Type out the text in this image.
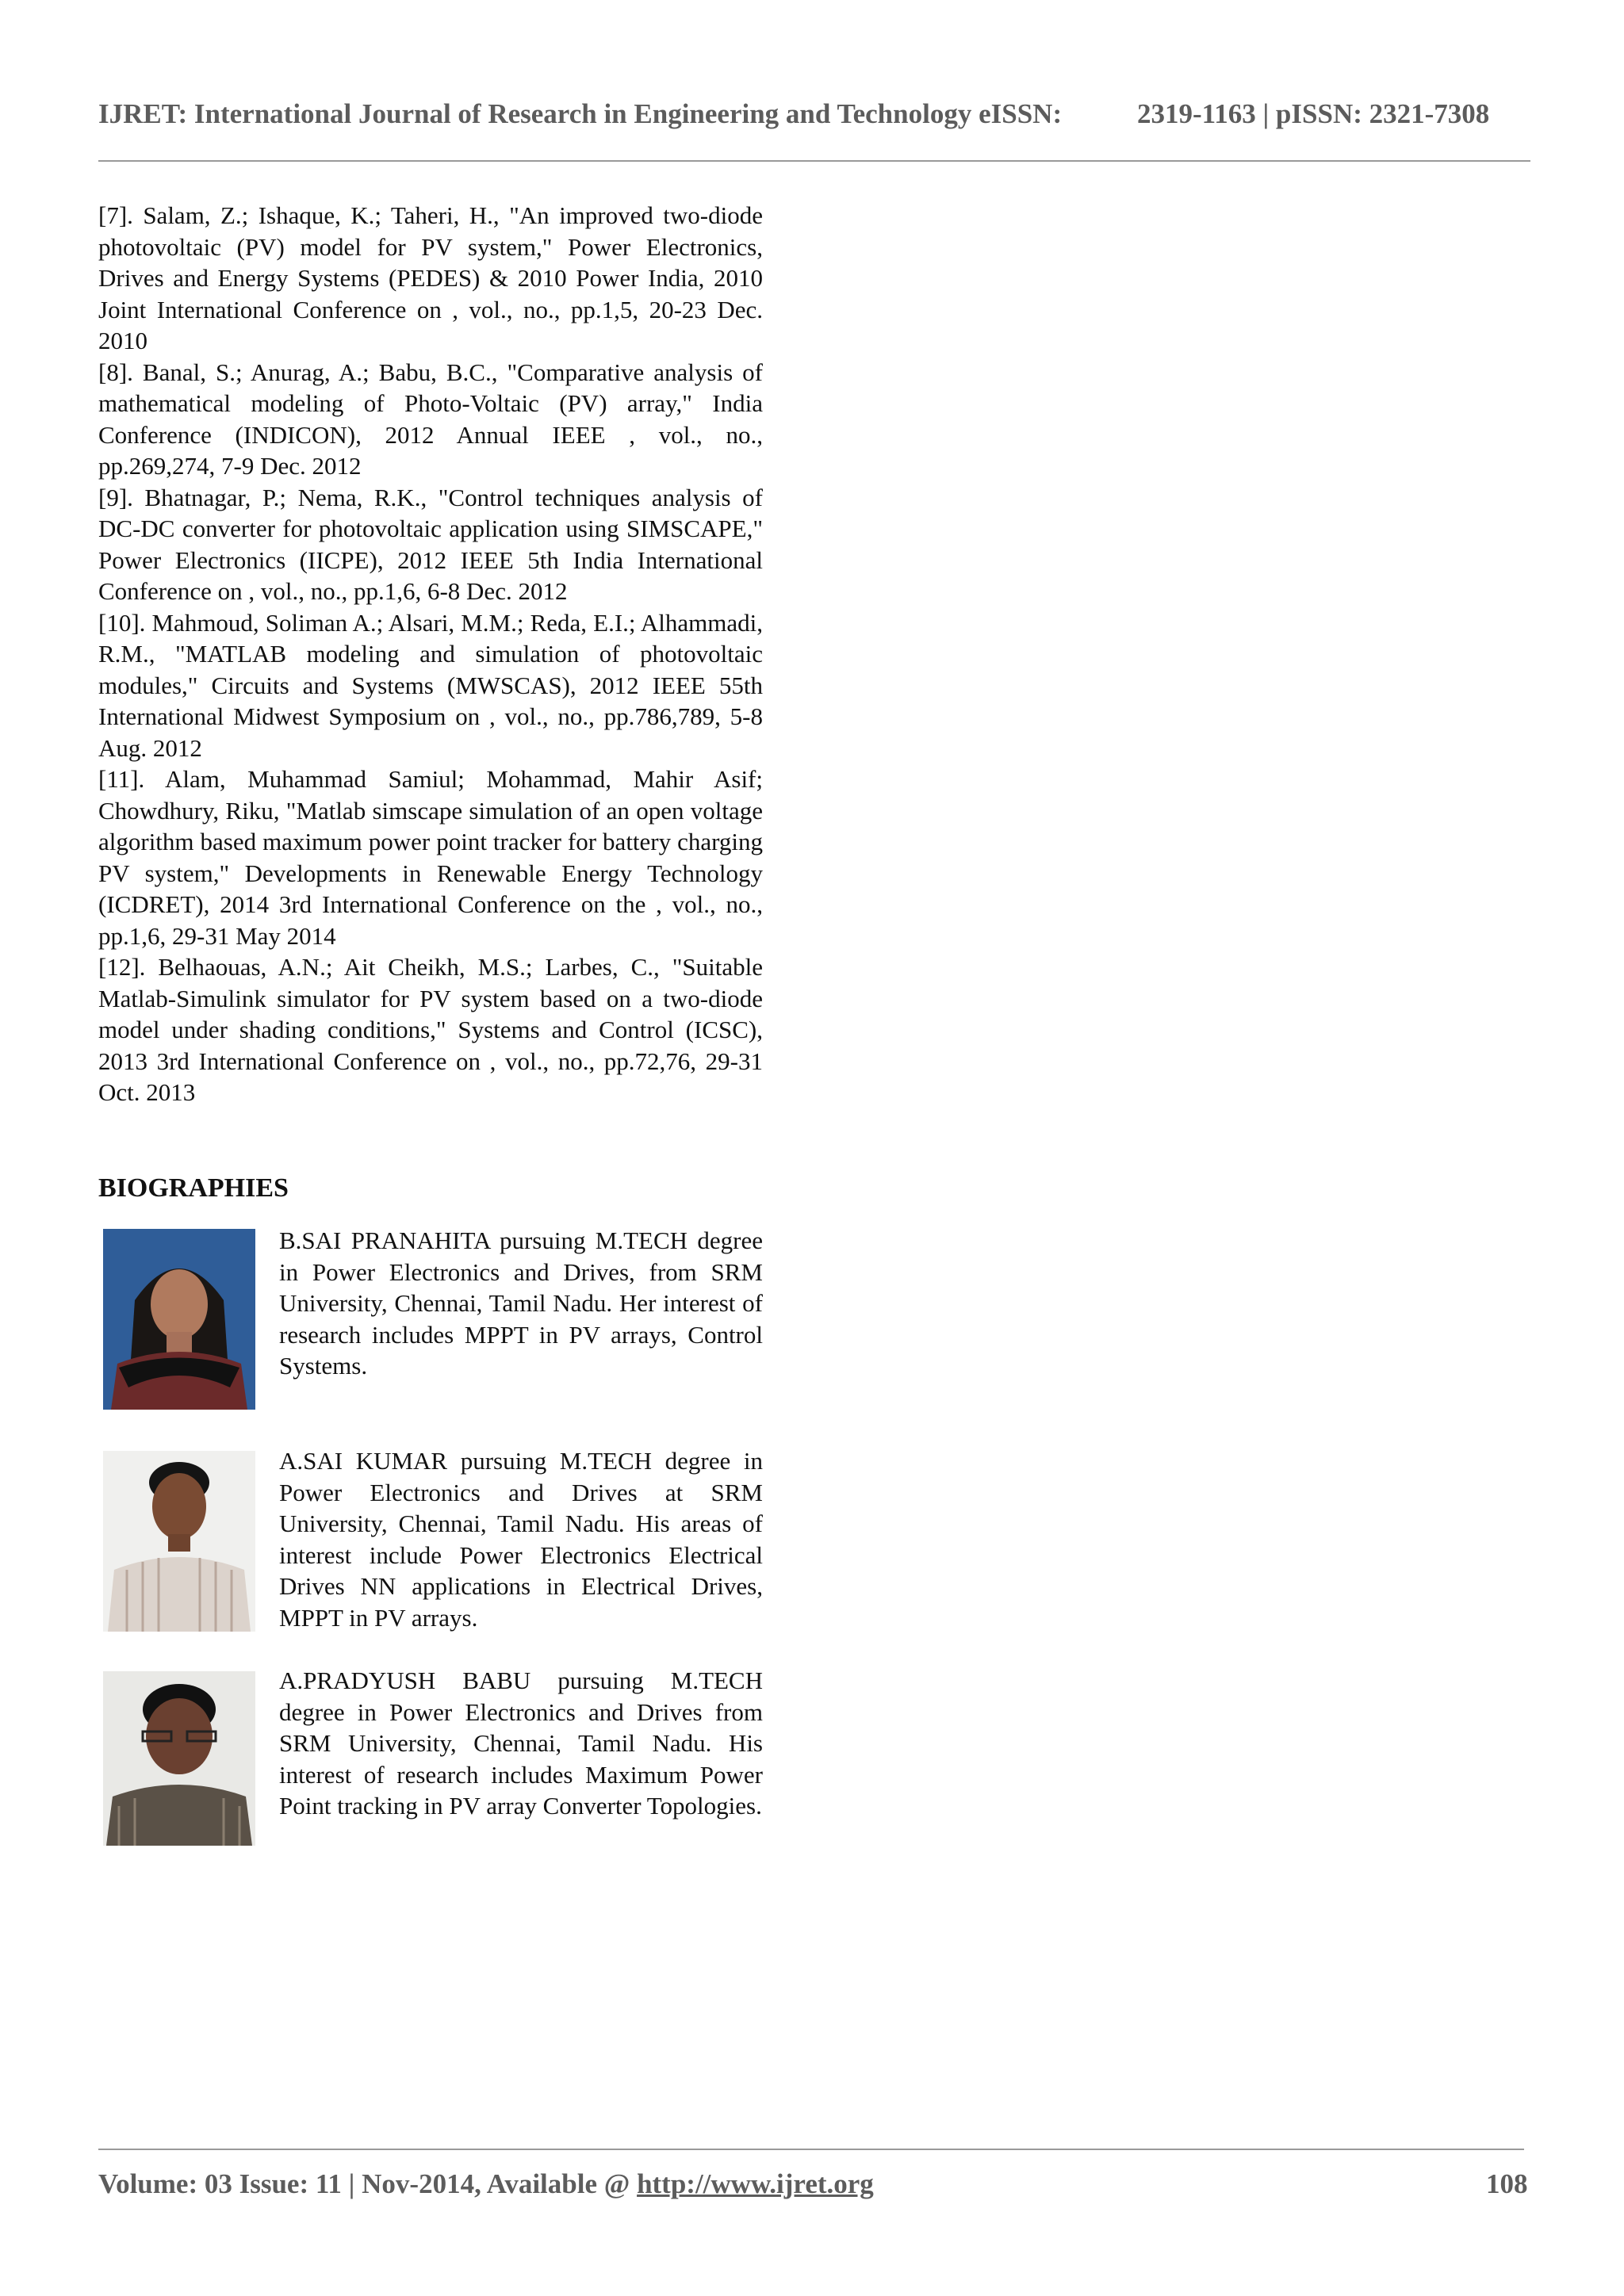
IJRET: International Journal of Research in Engineering and Technology eISSN:	2319-1163 | pISSN: 2321-7308

[7]. Salam, Z.; Ishaque, K.; Taheri, H., "An improved two-diode photovoltaic (PV) model for PV system," Power Electronics, Drives and Energy Systems (PEDES) & 2010 Power India, 2010 Joint International Conference on , vol., no., pp.1,5, 20-23 Dec. 2010

[8]. Banal, S.; Anurag, A.; Babu, B.C., "Comparative analysis of mathematical modeling of Photo-Voltaic (PV) array," India Conference (INDICON), 2012 Annual IEEE , vol., no., pp.269,274, 7-9 Dec. 2012

[9]. Bhatnagar, P.; Nema, R.K., "Control techniques analysis of DC-DC converter for photovoltaic application using SIMSCAPE," Power Electronics (IICPE), 2012 IEEE 5th India International Conference on , vol., no., pp.1,6, 6-8 Dec. 2012

[10]. Mahmoud, Soliman A.; Alsari, M.M.; Reda, E.I.; Alhammadi, R.M., "MATLAB modeling and simulation of photovoltaic modules," Circuits and Systems (MWSCAS), 2012 IEEE 55th International Midwest Symposium on , vol., no., pp.786,789, 5-8 Aug. 2012

[11]. Alam, Muhammad Samiul; Mohammad, Mahir Asif; Chowdhury, Riku, "Matlab simscape simulation of an open voltage algorithm based maximum power point tracker for battery charging PV system," Developments in Renewable Energy Technology (ICDRET), 2014 3rd International Conference on the , vol., no., pp.1,6, 29-31 May 2014

[12]. Belhaouas, A.N.; Ait Cheikh, M.S.; Larbes, C., "Suitable Matlab-Simulink simulator for PV system based on a two-diode model under shading conditions," Systems and Control (ICSC), 2013 3rd International Conference on , vol., no., pp.72,76, 29-31 Oct. 2013

BIOGRAPHIES

B.SAI PRANAHITA pursuing M.TECH degree in Power Electronics and Drives, from SRM University, Chennai, Tamil Nadu. Her interest of research includes MPPT in PV arrays, Control Systems.

A.SAI KUMAR pursuing M.TECH degree in Power Electronics and Drives at SRM University, Chennai, Tamil Nadu. His areas of interest include Power Electronics Electrical Drives NN applications in Electrical Drives, MPPT in PV arrays.

A.PRADYUSH BABU pursuing M.TECH degree in Power Electronics and Drives from SRM University, Chennai, Tamil Nadu. His interest of research includes Maximum Power Point tracking in PV array Converter Topologies.

Volume: 03 Issue: 11 | Nov-2014, Available @ http://www.ijret.org	108
